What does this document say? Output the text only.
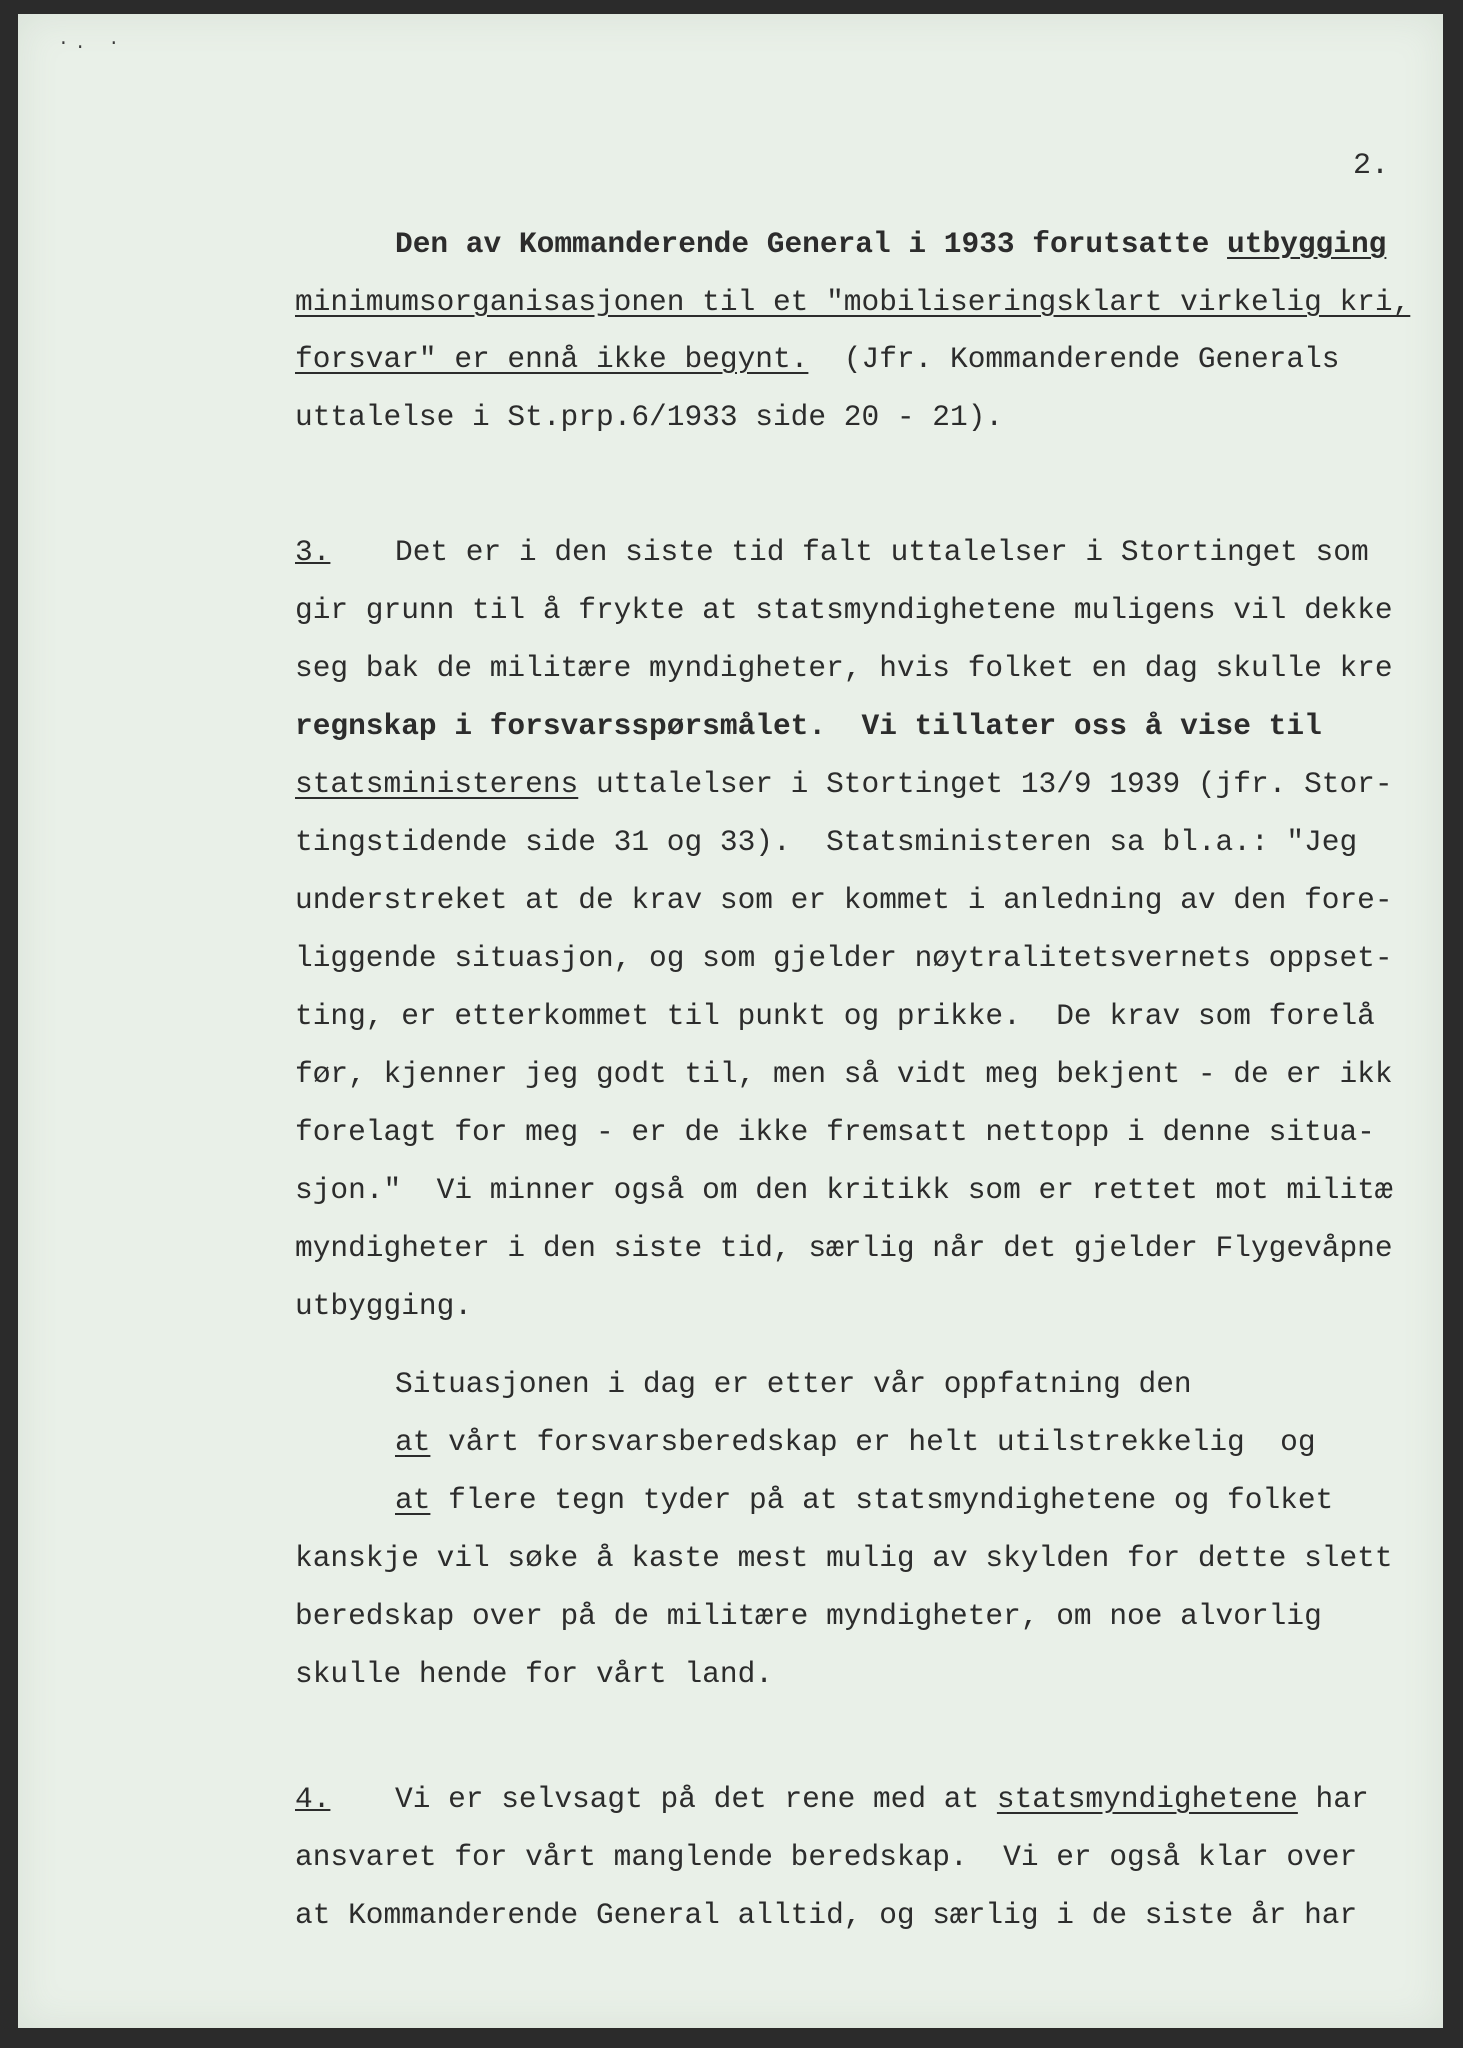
·. ·
2.
Den av Kommanderende General i 1933 forutsatte utbygging
minimumsorganisasjonen til et "mobiliseringsklart virkelig kri,
forsvar" er ennå ikke begynt.  (Jfr. Kommanderende Generals
uttalelse i St.prp.6/1933 side 20 - 21).
3. Det er i den siste tid falt uttalelser i Stortinget som
gir grunn til å frykte at statsmyndighetene muligens vil dekke
seg bak de militære myndigheter, hvis folket en dag skulle kre
regnskap i forsvarsspørsmålet.  Vi tillater oss å vise til
statsministerens uttalelser i Stortinget 13/9 1939 (jfr. Stor-
tingstidende side 31 og 33).  Statsministeren sa bl.a.: "Jeg
understreket at de krav som er kommet i anledning av den fore-
liggende situasjon, og som gjelder nøytralitetsvernets oppset-
ting, er etterkommet til punkt og prikke.  De krav som forelå
før, kjenner jeg godt til, men så vidt meg bekjent - de er ikk
forelagt for meg - er de ikke fremsatt nettopp i denne situa-
sjon."  Vi minner også om den kritikk som er rettet mot militæ
myndigheter i den siste tid, særlig når det gjelder Flygevåpne
utbygging.
Situasjonen i dag er etter vår oppfatning den
at vårt forsvarsberedskap er helt utilstrekkelig  og
at flere tegn tyder på at statsmyndighetene og folket
kanskje vil søke å kaste mest mulig av skylden for dette slett
beredskap over på de militære myndigheter, om noe alvorlig
skulle hende for vårt land.
4. Vi er selvsagt på det rene med at statsmyndighetene har
ansvaret for vårt manglende beredskap.  Vi er også klar over
at Kommanderende General alltid, og særlig i de siste år har
